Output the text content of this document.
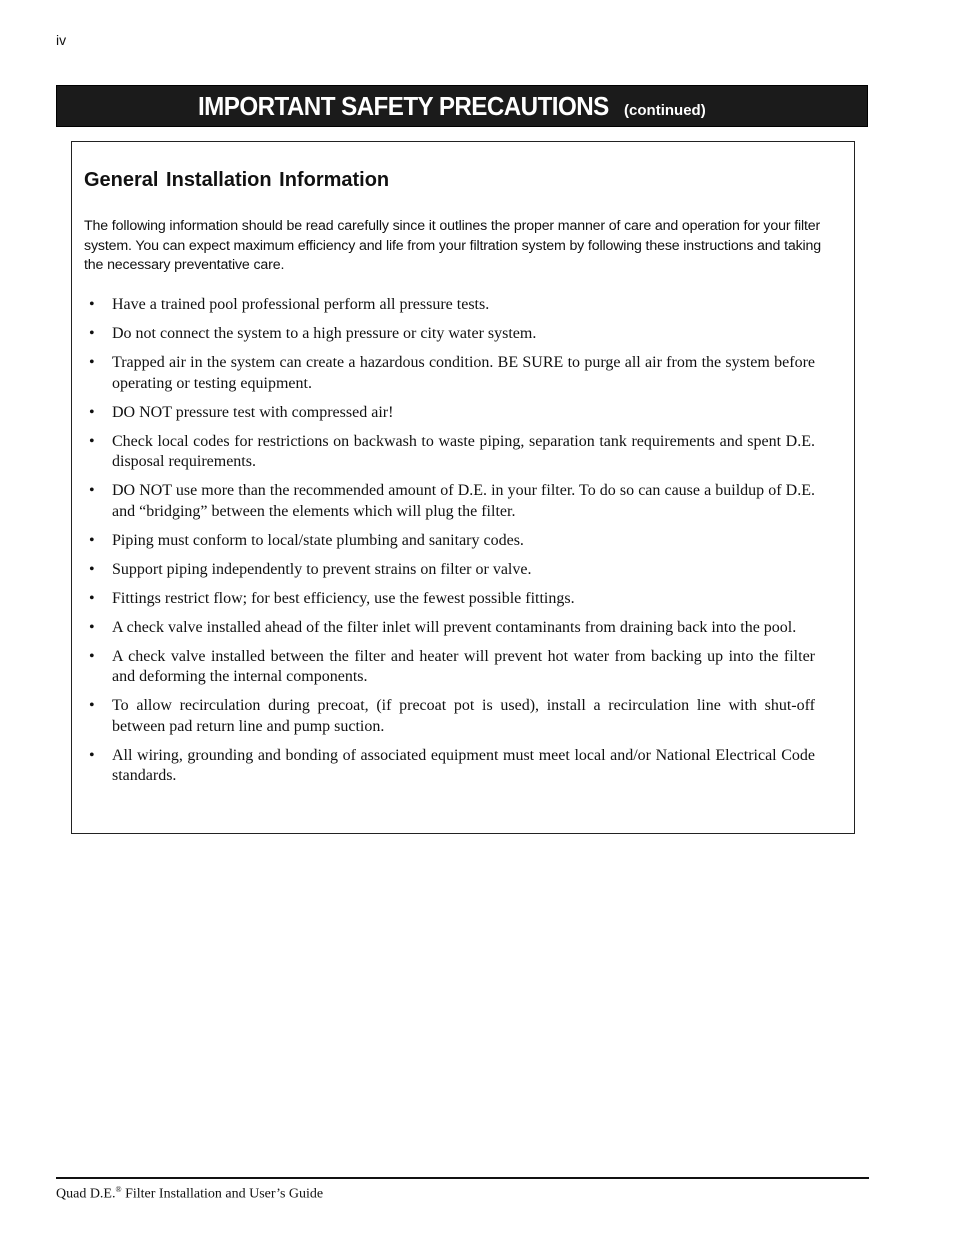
iv
IMPORTANT SAFETY PRECAUTIONS (continued)
General Installation Information

The following information should be read carefully since it outlines the proper manner of care and operation for your filter system. You can expect maximum efficiency and life from your filtration system by following these instructions and taking the necessary preventative care.

• Have a trained pool professional perform all pressure tests.
• Do not connect the system to a high pressure or city water system.
• Trapped air in the system can create a hazardous condition. BE SURE to purge all air from the system before operating or testing equipment.
• DO NOT pressure test with compressed air!
• Check local codes for restrictions on backwash to waste piping, separation tank requirements and spent D.E. disposal requirements.
• DO NOT use more than the recommended amount of D.E. in your filter. To do so can cause a buildup of D.E. and “bridging” between the elements which will plug the filter.
• Piping must conform to local/state plumbing and sanitary codes.
• Support piping independently to prevent strains on filter or valve.
• Fittings restrict flow; for best efficiency, use the fewest possible fittings.
• A check valve installed ahead of the filter inlet will prevent contaminants from draining back into the pool.
• A check valve installed between the filter and heater will prevent hot water from backing up into the filter and deforming the internal components.
• To allow recirculation during precoat, (if precoat pot is used), install a recirculation line with shut-off between pad return line and pump suction.
• All wiring, grounding and bonding of associated equipment must meet local and/or National Electrical Code standards.
Quad D.E.® Filter Installation and User’s Guide
